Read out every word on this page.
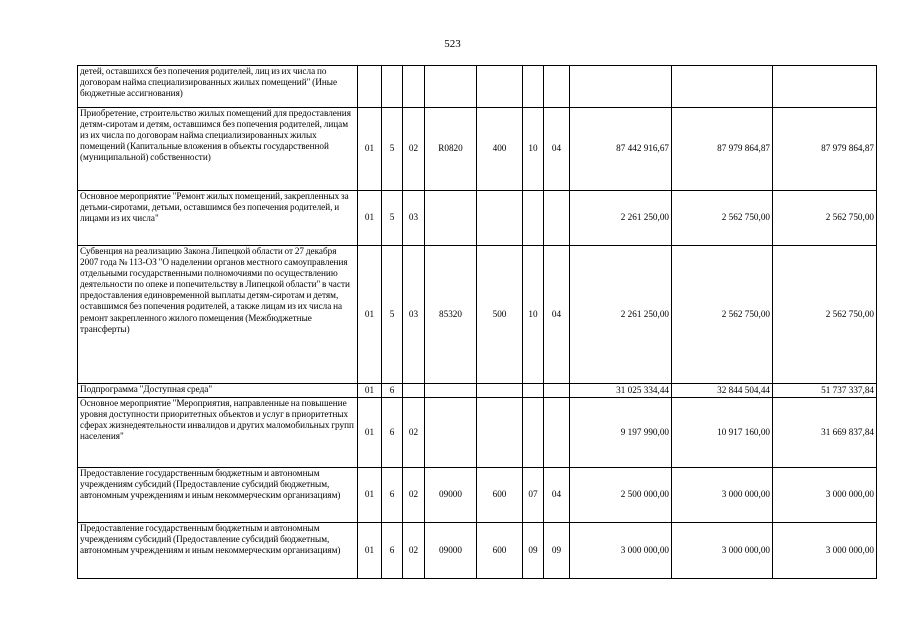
523
детей, оставшихся без попечения родителей, лиц из их числа по договорам найма специализированных жилых помещений" (Иные бюджетные ассигнования)										
Приобретение, строительство жилых помещений для предоставления детям-сиротам и детям, оставшимся без попечения родителей, лицам из их числа по договорам найма специализированных жилых помещений (Капитальные вложения в объекты государственной (муниципальной) собственности)	01	5	02	R0820	400	10	04	87 442 916,67	87 979 864,87	87 979 864,87
Основное мероприятие "Ремонт жилых помещений, закрепленных за детьми-сиротами, детьми, оставшимся без попечения родителей, и лицами из их числа"	01	5	03					2 261 250,00	2 562 750,00	2 562 750,00
Субвенция на реализацию Закона Липецкой области от 27 декабря 2007 года № 113-ОЗ "О наделении органов местного самоуправления отдельными государственными полномочиями по осуществлению деятельности по опеке и попечительству в Липецкой области" в части предоставления единовременной выплаты детям-сиротам и детям, оставшимся без попечения родителей, а также лицам из их числа на ремонт закрепленного жилого помещения (Межбюджетные трансферты)	01	5	03	85320	500	10	04	2 261 250,00	2 562 750,00	2 562 750,00
Подпрограмма "Доступная среда"	01	6						31 025 334,44	32 844 504,44	51 737 337,84
Основное мероприятие "Мероприятия, направленные на повышение уровня доступности приоритетных объектов и услуг в приоритетных сферах жизнедеятельности инвалидов и других маломобильных групп населения"	01	6	02					9 197 990,00	10 917 160,00	31 669 837,84
Предоставление государственным бюджетным и автономным учреждениям субсидий (Предоставление субсидий бюджетным, автономным учреждениям и иным некоммерческим организациям)	01	6	02	09000	600	07	04	2 500 000,00	3 000 000,00	3 000 000,00
Предоставление государственным бюджетным и автономным учреждениям субсидий (Предоставление субсидий бюджетным, автономным учреждениям и иным некоммерческим организациям)	01	6	02	09000	600	09	09	3 000 000,00	3 000 000,00	3 000 000,00
